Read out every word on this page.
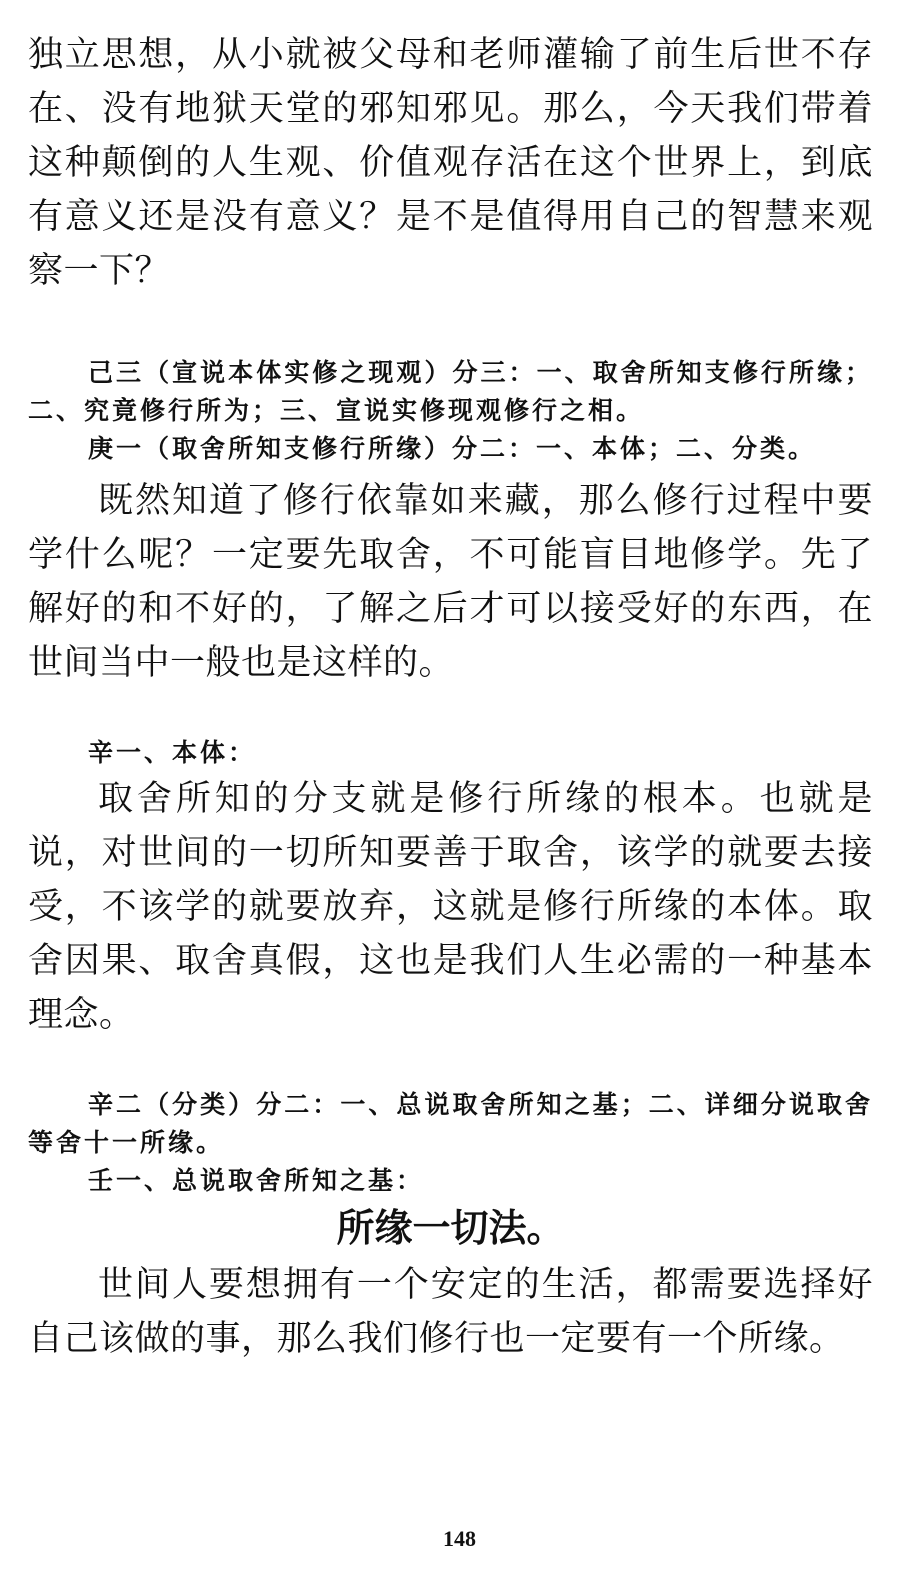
独立思想，从小就被父母和老师灌输了前生后世不存在、没有地狱天堂的邪知邪见。那么，今天我们带着这种颠倒的人生观、价值观存活在这个世界上，到底有意义还是没有意义？是不是值得用自己的智慧来观察一下？

己三（宣说本体实修之现观）分三：一、取舍所知支修行所缘；二、究竟修行所为；三、宣说实修现观修行之相。

庚一（取舍所知支修行所缘）分二：一、本体；二、分类。

既然知道了修行依靠如来藏，那么修行过程中要学什么呢？一定要先取舍，不可能盲目地修学。先了解好的和不好的，了解之后才可以接受好的东西，在世间当中一般也是这样的。

辛一、本体：

取舍所知的分支就是修行所缘的根本。也就是说，对世间的一切所知要善于取舍，该学的就要去接受，不该学的就要放弃，这就是修行所缘的本体。取舍因果、取舍真假，这也是我们人生必需的一种基本理念。

辛二（分类）分二：一、总说取舍所知之基；二、详细分说取舍等舍十一所缘。

壬一、总说取舍所知之基：

所缘一切法。

世间人要想拥有一个安定的生活，都需要选择好自己该做的事，那么我们修行也一定要有一个所缘。

148
